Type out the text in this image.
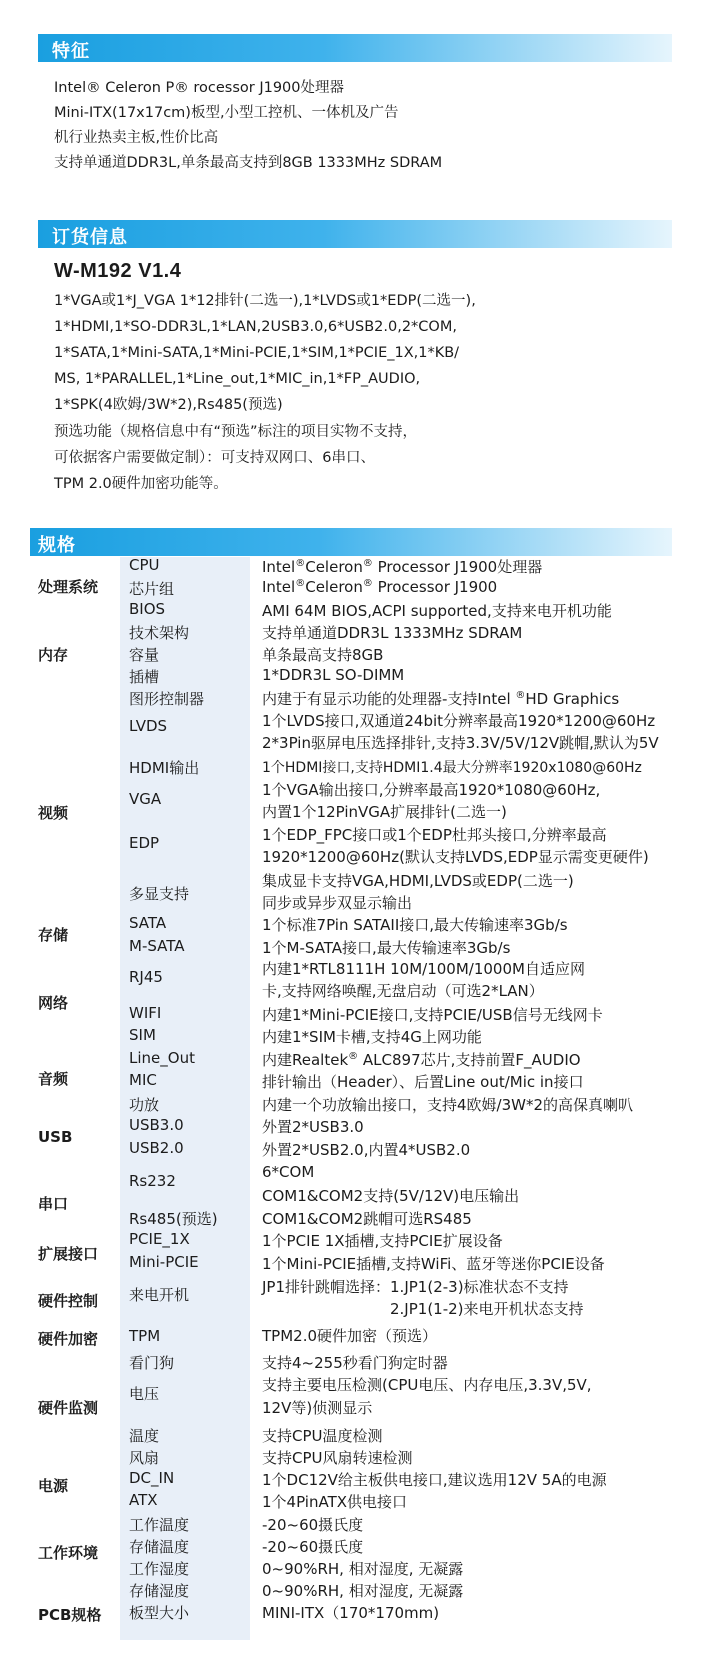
特征
Intel® Celeron P® rocessor J1900处理器
Mini-ITX(17x17cm)板型,小型工控机、一体机及广告
机行业热卖主板,性价比高
支持单通道DDR3L,单条最高支持到8GB 1333MHz SDRAM
订货信息
W-M192 V1.4
1*VGA或1*J_VGA 1*12排针(二选一),1*LVDS或1*EDP(二选一),
1*HDMI,1*SO-DDR3L,1*LAN,2USB3.0,6*USB2.0,2*COM,
1*SATA,1*Mini-SATA,1*Mini-PCIE,1*SIM,1*PCIE_1X,1*KB/
MS, 1*PARALLEL,1*Line_out,1*MIC_in,1*FP_AUDIO,
1*SPK(4欧姆/3W*2),Rs485(预选)
预选功能（规格信息中有“预选”标注的项目实物不支持，
可依据客户需要做定制）：可支持双网口、6串口、
TPM 2.0硬件加密功能等。
规格
处理系统
内存
视频
存储
网络
音频
USB
串口
扩展接口
硬件控制
硬件加密
硬件监测
电源
工作环境
PCB规格
CPU
芯片组
BIOS
技术架构
容量
插槽
图形控制器
LVDS
HDMI输出
VGA
EDP
多显支持
SATA
M-SATA
RJ45
WIFI
SIM
Line_Out
MIC
功放
USB3.0
USB2.0
Rs232
Rs485(预选)
PCIE_1X
Mini-PCIE
来电开机
TPM
看门狗
电压
温度
风扇
DC_IN
ATX
工作温度
存储温度
工作湿度
存储湿度
板型大小
Intel®Celeron® Processor J1900处理器
Intel®Celeron® Processor J1900
AMI 64M BIOS,ACPI supported,支持来电开机功能
支持单通道DDR3L 1333MHz SDRAM
单条最高支持8GB
1*DDR3L SO-DIMM
内建于有显示功能的处理器-支持Intel ®HD Graphics
1个LVDS接口,双通道24bit分辨率最高1920*1200@60Hz
2*3Pin驱屏电压选择排针,支持3.3V/5V/12V跳帽,默认为5V
1个HDMI接口,支持HDMI1.4最大分辨率1920x1080@60Hz
1个VGA输出接口,分辨率最高1920*1080@60Hz,
内置1个12PinVGA扩展排针(二选一)
1个EDP_FPC接口或1个EDP杜邦头接口,分辨率最高
1920*1200@60Hz(默认支持LVDS,EDP显示需变更硬件)
集成显卡支持VGA,HDMI,LVDS或EDP(二选一)
同步或异步双显示输出
1个标准7Pin SATAII接口,最大传输速率3Gb/s
1个M-SATA接口,最大传输速率3Gb/s
内建1*RTL8111H 10M/100M/1000M自适应网
卡,支持网络唤醒,无盘启动（可选2*LAN）
内建1*Mini-PCIE接口,支持PCIE/USB信号无线网卡
内建1*SIM卡槽,支持4G上网功能
内建Realtek® ALC897芯片,支持前置F_AUDIO
排针输出（Header）、后置Line out/Mic in接口
内建一个功放输出接口，支持4欧姆/3W*2的高保真喇叭
外置2*USB3.0
外置2*USB2.0,内置4*USB2.0
6*COM
COM1&COM2支持(5V/12V)电压输出
COM1&COM2跳帽可选RS485
1个PCIE 1X插槽,支持PCIE扩展设备
1个Mini-PCIE插槽,支持WiFi、蓝牙等迷你PCIE设备
JP1排针跳帽选择：1.JP1(2-3)标准状态不支持
2.JP1(1-2)来电开机状态支持
TPM2.0硬件加密（预选）
支持4~255秒看门狗定时器
支持主要电压检测(CPU电压、内存电压,3.3V,5V,
12V等)侦测显示
支持CPU温度检测
支持CPU风扇转速检测
1个DC12V给主板供电接口,建议选用12V 5A的电源
1个4PinATX供电接口
-20~60摄氏度
-20~60摄氏度
0~90%RH, 相对湿度, 无凝露
0~90%RH, 相对湿度, 无凝露
MINI-ITX（170*170mm)
